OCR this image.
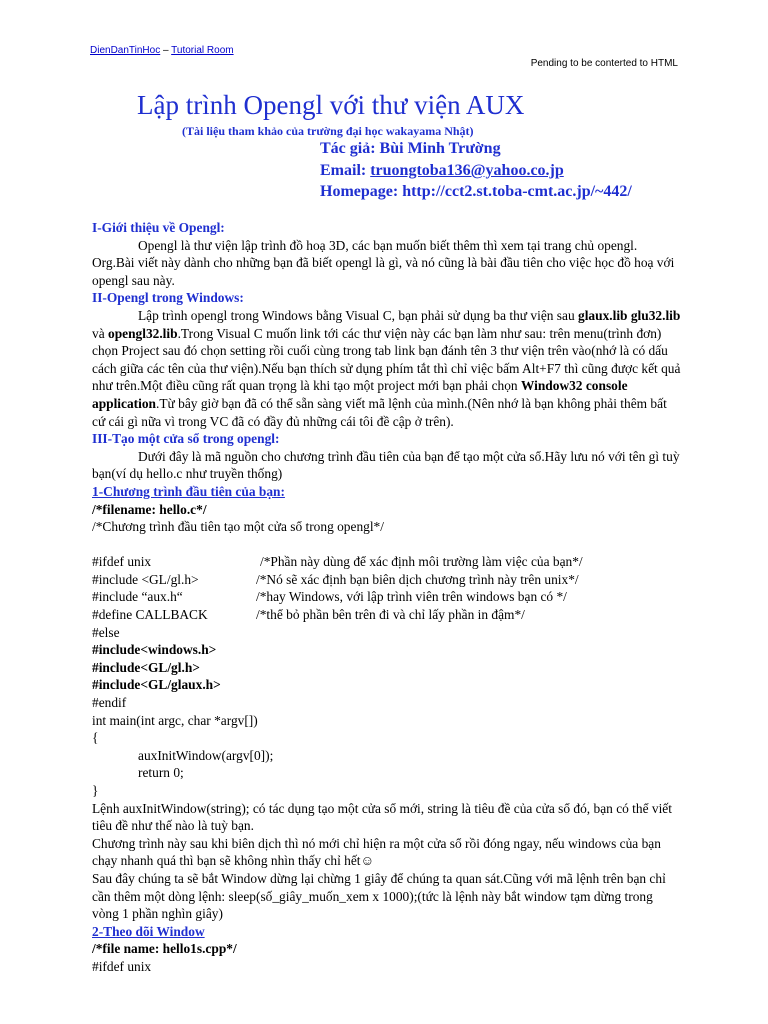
DienDanTinHoc – Tutorial Room
Pending to be conterted to HTML
Lập trình Opengl với thư viện AUX
(Tài liệu tham khảo của trường đại học wakayama Nhật)
Tác giả: Bùi Minh Trường
Email: truongtoba136@yahoo.co.jp
Homepage: http://cct2.st.toba-cmt.ac.jp/~442/

I-Giới thiệu về Opengl:

Opengl là thư viện lập trình đồ hoạ 3D, các bạn muốn biết thêm thì xem tại trang chủ opengl. Org.Bài viết này dành cho những bạn đã biết opengl là gì, và nó cũng là bài đầu tiên cho việc học đồ hoạ với opengl sau này.

II-Opengl trong Windows:

Lập trình opengl trong Windows bằng Visual C, bạn phải sử dụng ba thư viện sau glaux.lib glu32.lib và opengl32.lib.Trong Visual C muốn link tới các thư viện này các bạn làm như sau: trên menu(trình đơn) chọn Project sau đó chọn setting rồi cuối cùng trong tab link bạn đánh tên 3 thư viện trên vào(nhớ là có dấu cách giữa các tên của thư viện).Nếu bạn thích sử dụng phím tắt thì chỉ việc bấm Alt+F7 thì cũng được kết quả như trên.Một điều cũng rất quan trọng là khi tạo một project mới bạn phải chọn Window32 console application.Từ bây giờ bạn đã có thể sẵn sàng viết mã lệnh của mình.(Nên nhớ là bạn không phải thêm bất cứ cái gì nữa vì trong VC đã có đầy đủ những cái tôi đề cập ở trên).

III-Tạo một cửa sổ trong opengl:

Dưới đây là mã nguồn cho chương trình đầu tiên của bạn để tạo một cửa sổ.Hãy lưu nó với tên gì tuỳ bạn(ví dụ hello.c như truyền thống)

1-Chương trình đầu tiên của bạn:

/*filename: hello.c*/

/*Chương trình đầu tiên tạo một cửa sổ trong opengl*/

#ifdef unix	/*Phần này dùng để xác định môi trường làm việc của bạn*/

#include <GL/gl.h>	/*Nó sẽ xác định bạn biên dịch chương trình này trên unix*/

#include “aux.h“	/*hay Windows, với lập trình viên trên windows bạn có */

#define CALLBACK	/*thể bỏ phần bên trên đi và chỉ lấy phần in đậm*/

#else

#include<windows.h>

#include<GL/gl.h>

#include<GL/glaux.h>

#endif

int main(int argc, char *argv[])

{

auxInitWindow(argv[0]);

return 0;

}

Lệnh auxInitWindow(string); có tác dụng tạo một cửa sổ mới, string là tiêu đề của cửa sổ đó, bạn có thể viết tiêu đề như thế nào là tuỳ bạn.

Chương trình này sau khi biên dịch thì nó mới chỉ hiện ra một cửa sổ rồi đóng ngay, nếu windows của bạn chạy nhanh quá thì bạn sẽ không nhìn thấy chỉ hết☺

Sau đây chúng ta sẽ bắt Window dừng lại chừng 1 giây để chúng ta quan sát.Cũng với mã lệnh trên bạn chỉ cần thêm một dòng lệnh: sleep(số_giây_muốn_xem x 1000);(tức là lệnh này bắt window tạm dừng trong vòng 1 phần nghìn giây)

2-Theo dõi Window

/*file name: hello1s.cpp*/

#ifdef unix
